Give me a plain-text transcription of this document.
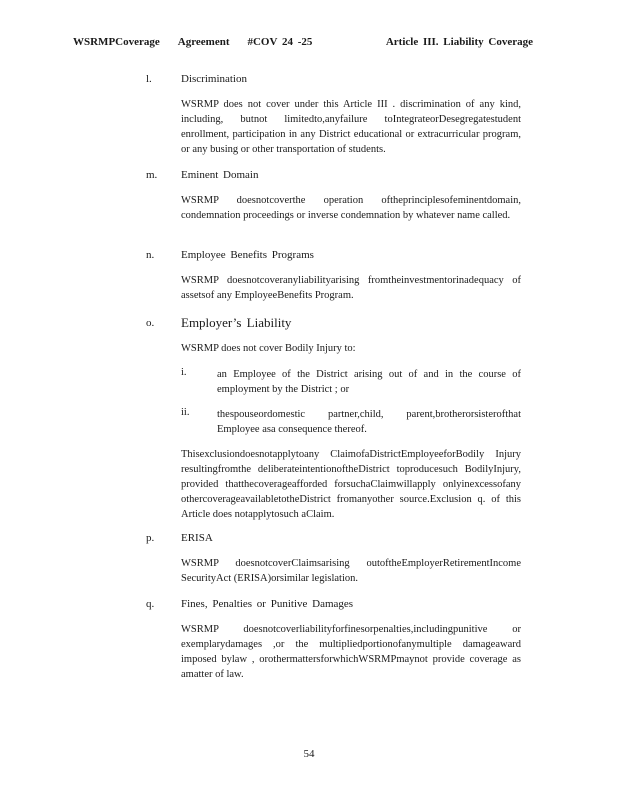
WSRMPCoverage Agreement #COV 24 -25	Article III. Liability Coverage
l.	Discrimination
WSRMP does not cover under this Article III . discrimination of any kind, including, butnot limitedto,anyfailure toIntegrateorDesegregatestudent enrollment, participation in any District educational or extracurricular program, or any busing or other transportation of students.
m. Eminent Domain
WSRMP doesnotcoverthe operation oftheprinciplesofeminentdomain, condemnation proceedings or inverse condemnation by whatever name called.
n. Employee Benefits Programs
WSRMP doesnotcoveranyliabilityarising fromtheinvestmentorinadequacy of assetsof any EmployeeBenefits Program.
o. Employer’s Liability
WSRMP does not cover Bodily Injury to:
i.	an Employee of the District arising out of and in the course of employment by the District ; or
ii.	thespouseordomestic partner,child, parent,brotherorsisterofthat Employee asa consequence thereof.
Thisexclusiondoesnotapplytoany ClaimofaDistrictEmployeeforBodily Injury resultingfromthe deliberateintentionoftheDistrict toproducesuch BodilyInjury, provided thatthecoverageafforded forsuchaClaimwillapply onlyinexcessofany othercoverageavailabletotheDistrict fromanyother source.Exclusion q. of this Article does notapplytosuch aClaim.
p. ERISA
WSRMP doesnotcoverClaimsarising outoftheEmployerRetirementIncome SecurityAct (ERISA)orsimilar legislation.
q. Fines, Penalties or Punitive Damages
WSRMP doesnotcoverliabilityforfinesorpenalties,includingpunitive or exemplarydamages ,or the multipliedportionofanymultiple damageaward imposed bylaw , orothermattersforwhichWSRMPmaynot provide coverage as amatter of law.
54
